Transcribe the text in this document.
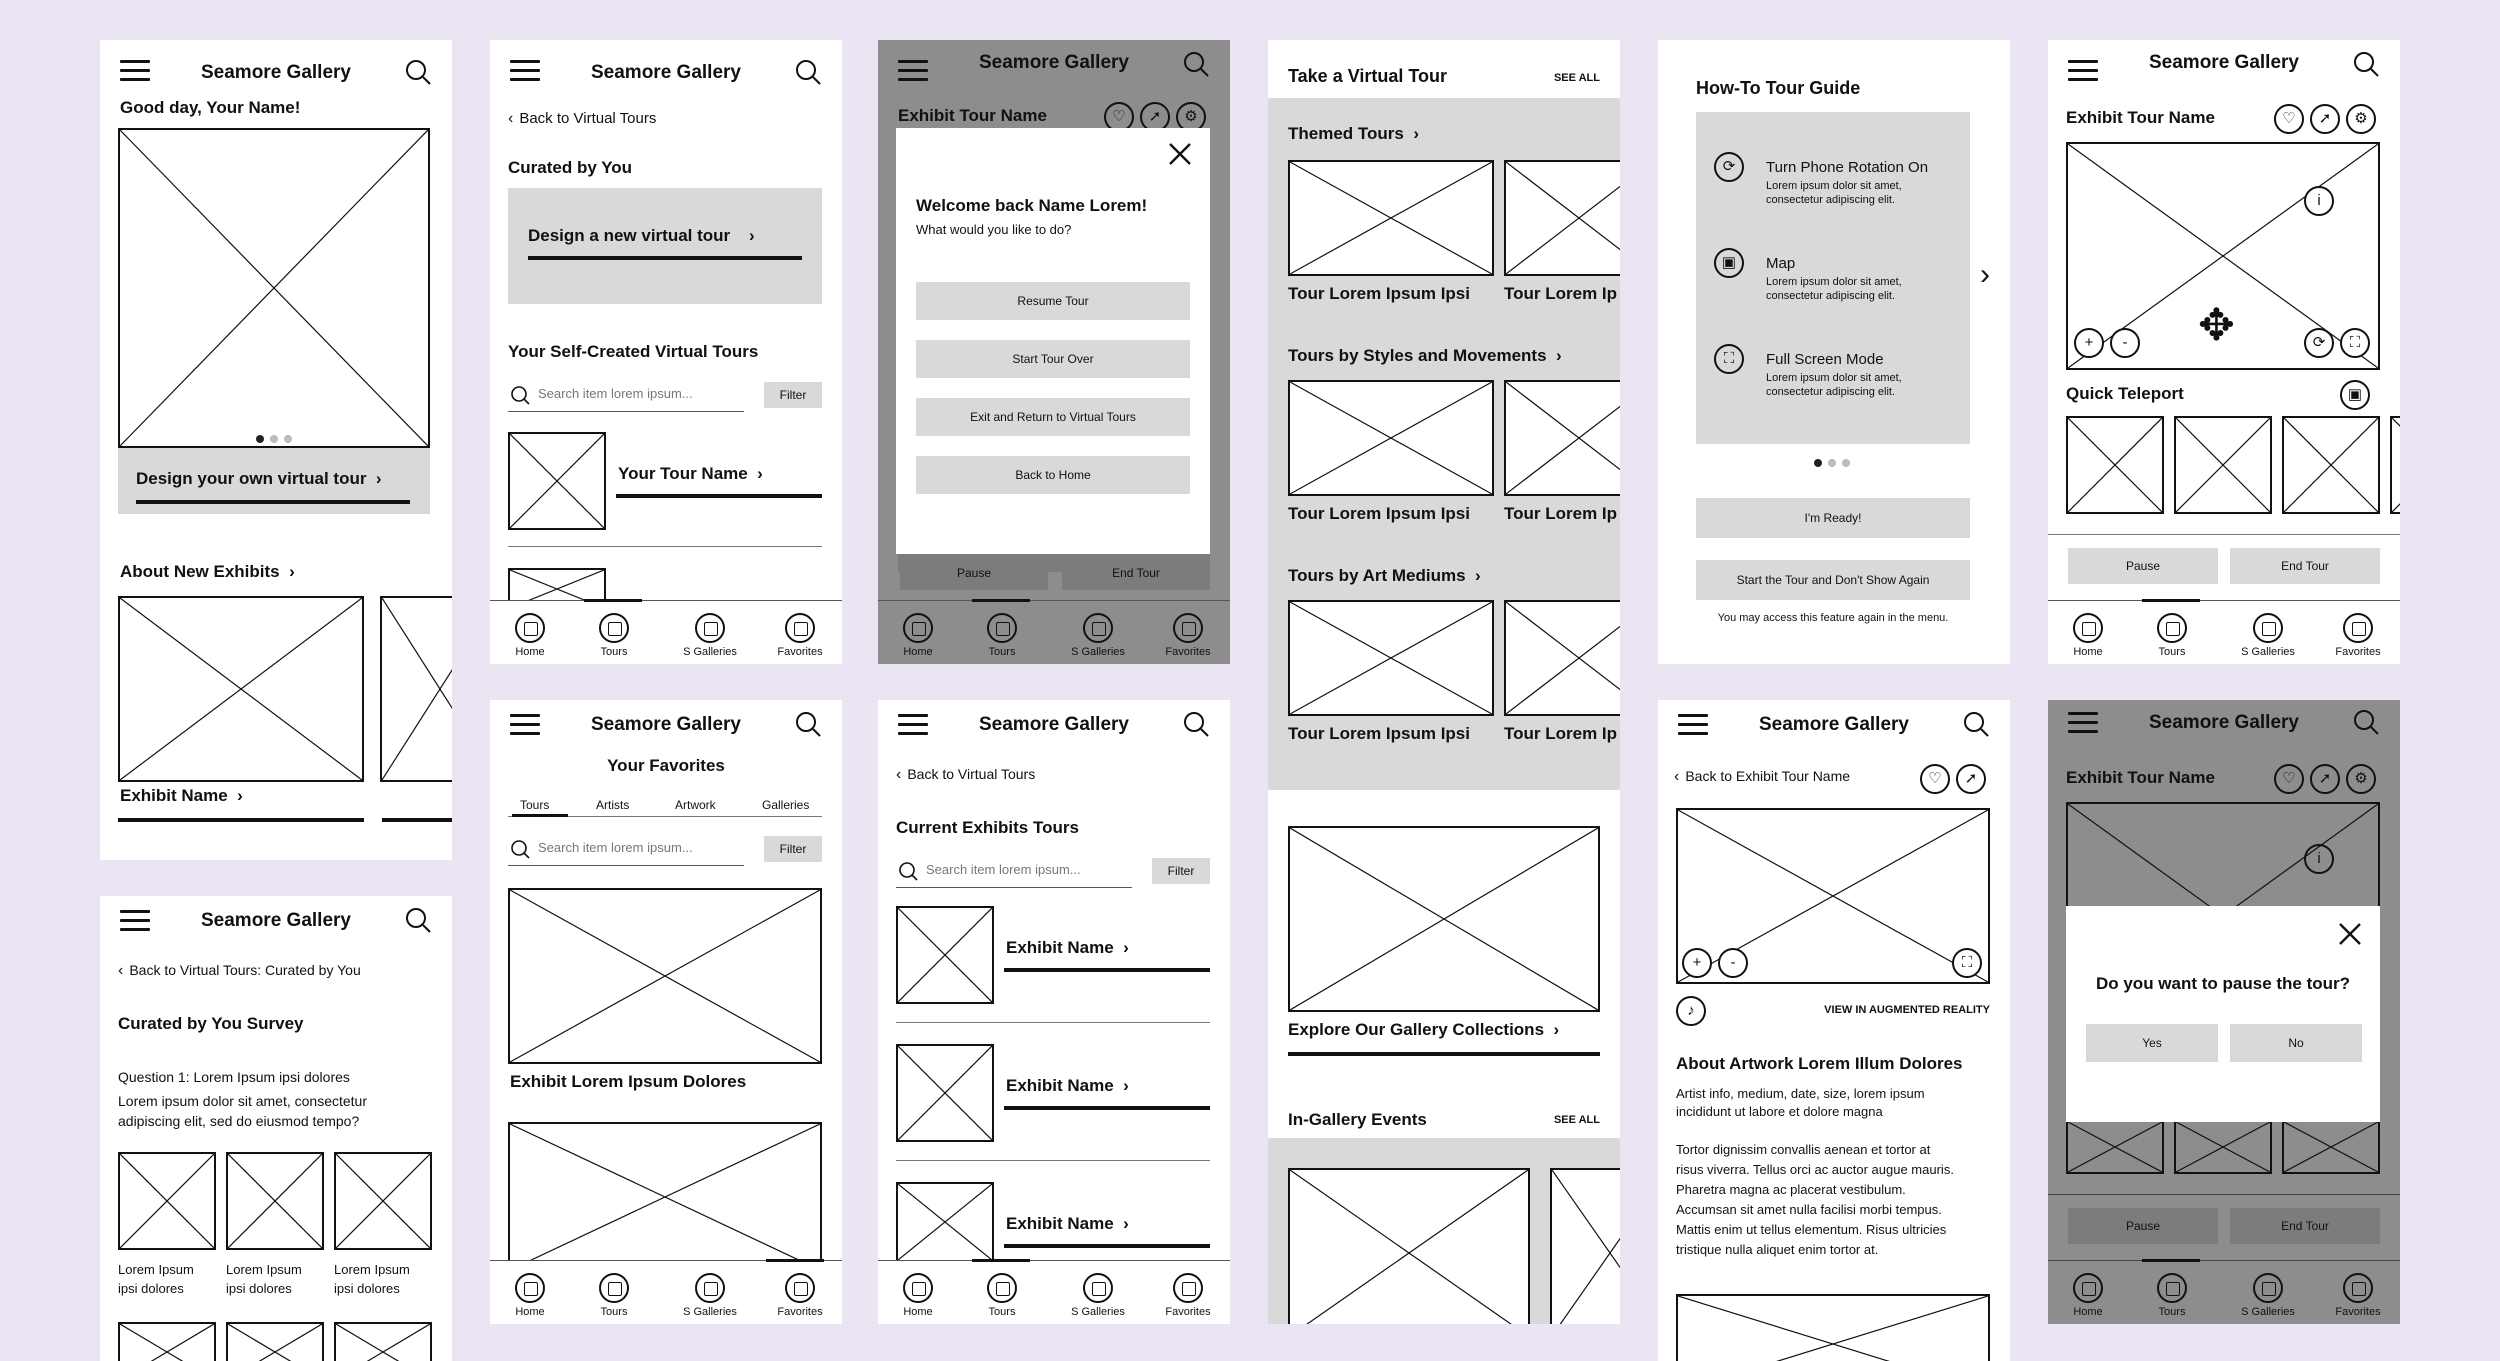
Seamore Gallery
Good day, Your Name!
Design your own virtual tour  ›
About New Exhibits  ›
Exhibit Name  ›
Seamore Gallery
‹ Back to Virtual Tours
Curated by You
Design a new virtual tour    ›
Your Self-Created Virtual Tours
Search item lorem ipsum...	Filter
Your Tour Name  ›
Home	Tours	S Galleries	Favorites
Seamore Gallery
Exhibit Tour Name	♡	➚	⚙
Pause	End Tour
Welcome back Name Lorem!
What would you like to do?
Resume Tour
Start Tour Over
Exit and Return to Virtual Tours
Back to Home
Home	Tours	S Galleries	Favorites
Take a Virtual Tour	SEE ALL
Themed Tours  ›
Tour Lorem Ipsum Ipsi Tour Lorem Ip
Tours by Styles and Movements  ›
Tour Lorem Ipsum Ipsi Tour Lorem Ip
Tours by Art Mediums  ›
Tour Lorem Ipsum Ipsi Tour Lorem Ip
Explore Our Gallery Collections  ›
In-Gallery Events	SEE ALL
How-To Tour Guide
⟳	Turn Phone Rotation On
Lorem ipsum dolor sit amet,
consectetur adipiscing elit.
▣	Map
Lorem ipsum dolor sit amet,
consectetur adipiscing elit.
⛶	Full Screen Mode
Lorem ipsum dolor sit amet,
consectetur adipiscing elit.
›
I'm Ready!
Start the Tour and Don't Show Again
You may access this feature again in the menu.
Seamore Gallery
Exhibit Tour Name	♡	➚	⚙
i
+	- ✥	⟳	⛶
Quick Teleport	▣
Pause	End Tour
Home	Tours	S Galleries	Favorites
Seamore Gallery
‹ Back to Virtual Tours: Curated by You
Curated by You Survey
Question 1: Lorem Ipsum ipsi dolores
Lorem ipsum dolor sit amet, consectetur
adipiscing elit, sed do eiusmod tempo?
Lorem Ipsum
ipsi dolores
Lorem Ipsum
ipsi dolores
Lorem Ipsum
ipsi dolores
Seamore Gallery
Your Favorites
Tours	Artists	Artwork	Galleries
Search item lorem ipsum...	Filter
Exhibit Lorem Ipsum Dolores
Home	Tours	S Galleries	Favorites
Seamore Gallery
‹ Back to Virtual Tours
Current Exhibits Tours
Search item lorem ipsum...	Filter
Exhibit Name  ›
Exhibit Name  ›
Exhibit Name  ›
Home	Tours	S Galleries	Favorites
Seamore Gallery
‹ Back to Exhibit Tour Name	♡	➚
+	-	⛶
♪	VIEW IN AUGMENTED REALITY
About Artwork Lorem Illum Dolores
Artist info, medium, date, size, lorem ipsum
incididunt ut labore et dolore magna
Tortor dignissim convallis aenean et tortor at
risus viverra. Tellus orci ac auctor augue mauris.
Pharetra magna ac placerat vestibulum.
Accumsan sit amet nulla facilisi morbi tempus.
Mattis enim ut tellus elementum. Risus ultricies
tristique nulla aliquet enim tortor at.
Seamore Gallery
Exhibit Tour Name	♡	➚	⚙
i
Pause	End Tour
Do you want to pause the tour?
Yes	No
Home	Tours	S Galleries	Favorites
